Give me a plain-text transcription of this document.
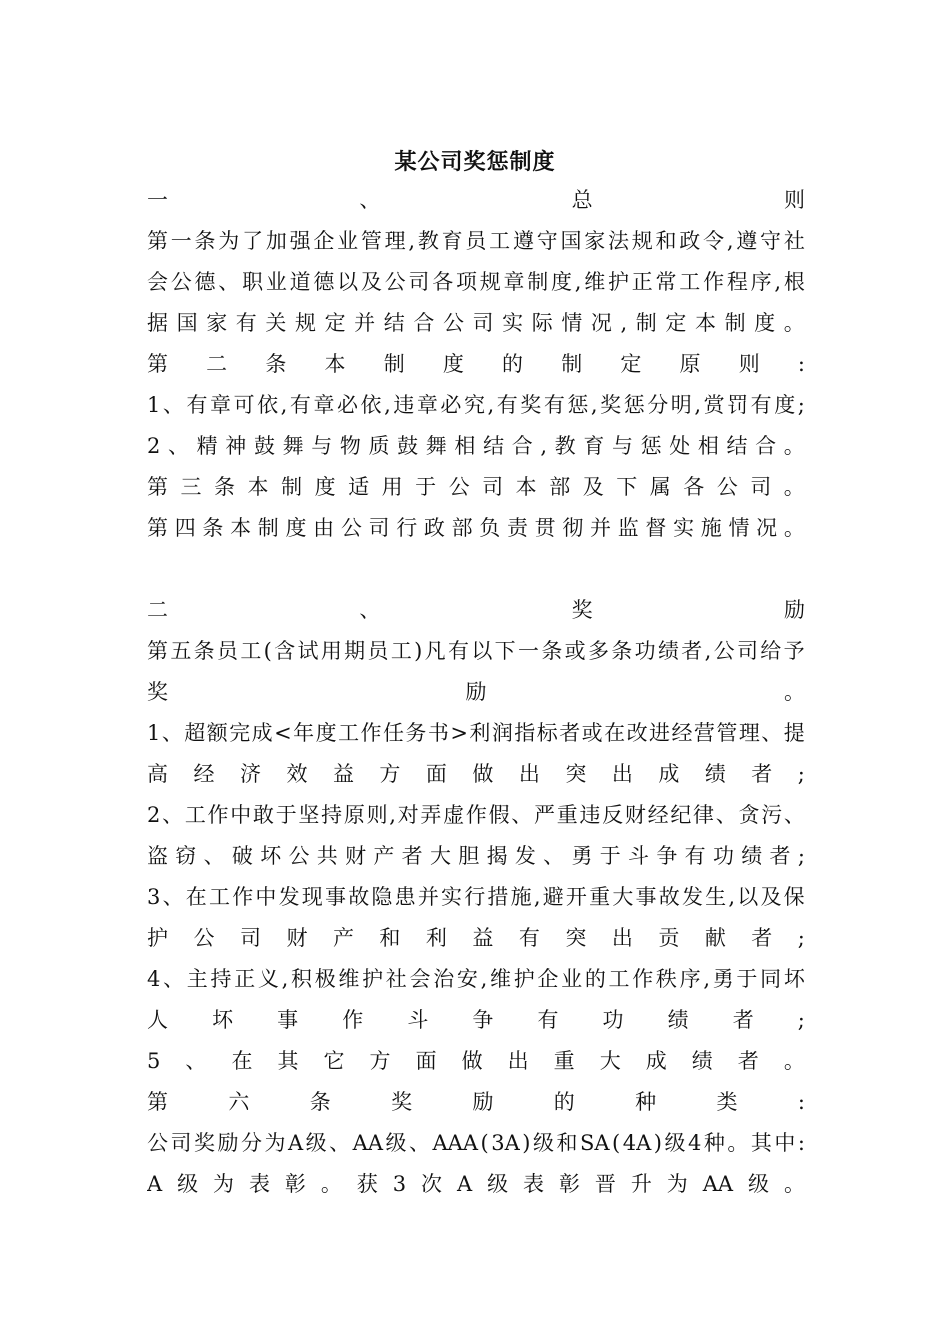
某公司奖惩制度
一	、	总	则
第 一 条 为 了 加 强 企 业 管 理 , 教 育 员 工 遵 守 国 家 法 规 和 政 令 , 遵 守 社
会 公 德 、 职 业 道 德 以 及 公 司 各 项 规 章 制 度 , 维 护 正 常 工 作 程 序 , 根
据 国 家 有 关 规 定 并 结 合 公 司 实 际 情 况 , 制 定 本 制 度 。
第 二 条 本 制 度 的 制 定 原 则 :
1 、 有 章 可 依 , 有 章 必 依 , 违 章 必 究 , 有 奖 有 惩 , 奖 惩 分 明 , 赏 罚 有 度 ;
2 、 精 神 鼓 舞 与 物 质 鼓 舞 相 结 合 , 教 育 与 惩 处 相 结 合 。
第 三 条 本 制 度 适 用 于 公 司 本 部 及 下 属 各 公 司 。
第 四 条 本 制 度 由 公 司 行 政 部 负 责 贯 彻 并 监 督 实 施 情 况 。
二	、	奖	励
第 五 条 员 工 ( 含 试 用 期 员 工 ) 凡 有 以 下 一 条 或 多 条 功 绩 者 , 公 司 给 予
奖	励	。
1 、 超 额 完 成 < 年 度 工 作 任 务 书 > 利 润 指 标 者 或 在 改 进 经 营 管 理 、 提
高 经 济 效 益 方 面 做 出 突 出 成 绩 者 ;
2 、 工 作 中 敢 于 坚 持 原 则 , 对 弄 虚 作 假 、 严 重 违 反 财 经 纪 律 、 贪 污 、
盗 窃 、 破 坏 公 共 财 产 者 大 胆 揭 发 、 勇 于 斗 争 有 功 绩 者 ;
3 、 在 工 作 中 发 现 事 故 隐 患 并 实 行 措 施 , 避 开 重 大 事 故 发 生 , 以 及 保
护 公 司 财 产 和 利 益 有 突 出 贡 献 者 ;
4 、 主 持 正 义 , 积 极 维 护 社 会 治 安 , 维 护 企 业 的 工 作 秩 序 , 勇 于 同 坏
人 坏 事 作 斗 争 有 功 绩 者 ;
5 、 在 其 它 方 面 做 出 重 大 成 绩 者 。
第	六	条	奖	励	的	种	类	:
公 司 奖 励 分 为 A 级 、 AA 级 、 AAA ( 3A ) 级 和 SA ( 4A ) 级 4 种 。 其 中 :
A 级 为 表 彰 。 获 3 次 A 级 表 彰 晋 升 为 AA 级 。
